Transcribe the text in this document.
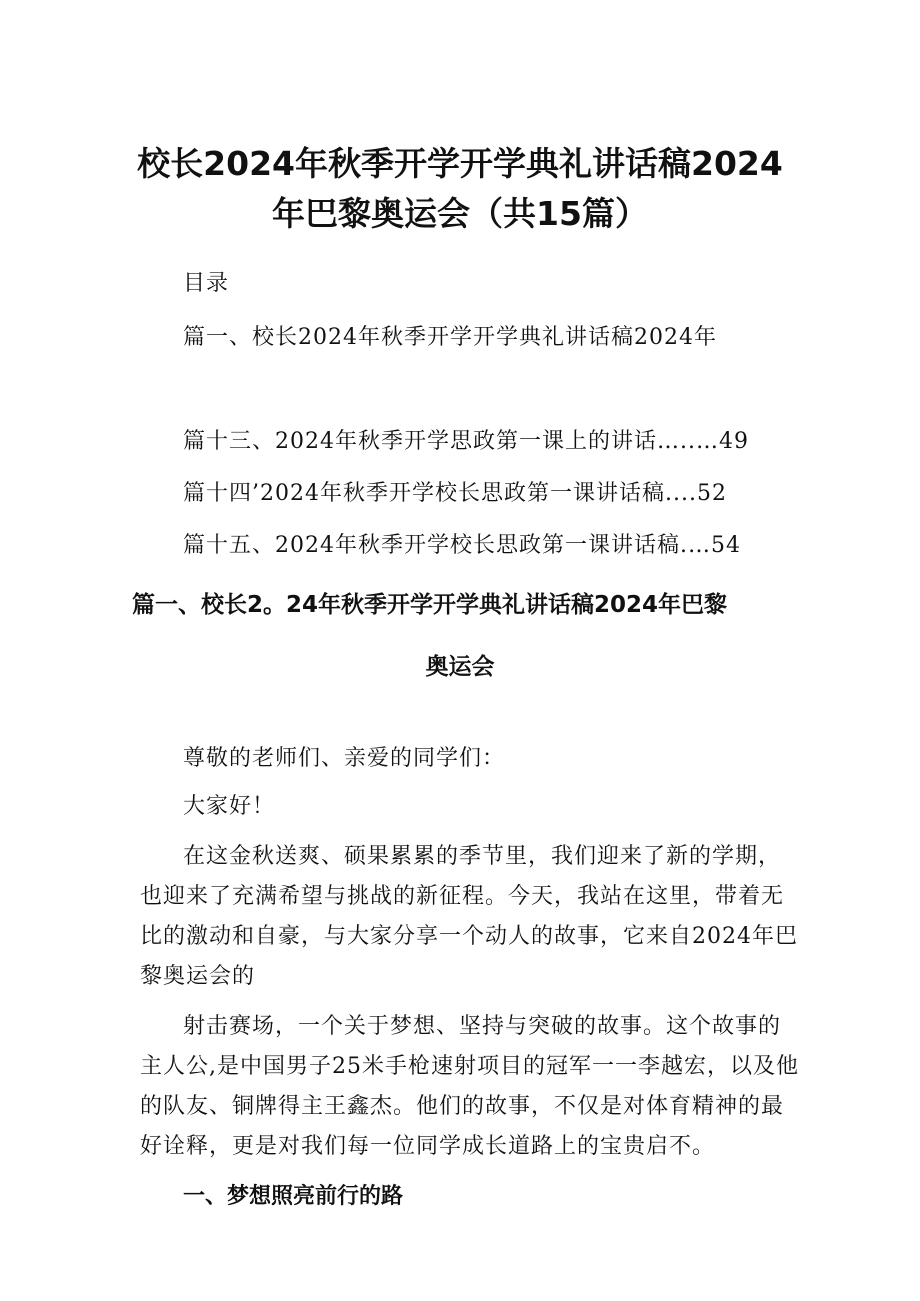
校长2024年秋季开学开学典礼讲话稿2024
年巴黎奥运会（共15篇）
目录
篇一、校长2024年秋季开学开学典礼讲话稿2024年
篇十三、2024年秋季开学思政第一课上的讲话…..…49
篇十四’2024年秋季开学校长思政第一课讲话稿....52
篇十五、2024年秋季开学校长思政第一课讲话稿.…54
篇一、校长2。24年秋季开学开学典礼讲话稿2024年巴黎
奥运会
尊敬的老师们、亲爱的同学们：
大家好！
在这金秋送爽、硕果累累的季节里，我们迎来了新的学期，
也迎来了充满希望与挑战的新征程。今天，我站在这里，带着无
比的激动和自豪，与大家分享一个动人的故事，它来自2024年巴
黎奥运会的
射击赛场，一个关于梦想、坚持与突破的故事。这个故事的
主人公,是中国男子25米手枪速射项目的冠军一一李越宏，以及他
的队友、铜牌得主王鑫杰。他们的故事，不仅是对体育精神的最
好诠释，更是对我们每一位同学成长道路上的宝贵启不。
一、梦想照亮前行的路
